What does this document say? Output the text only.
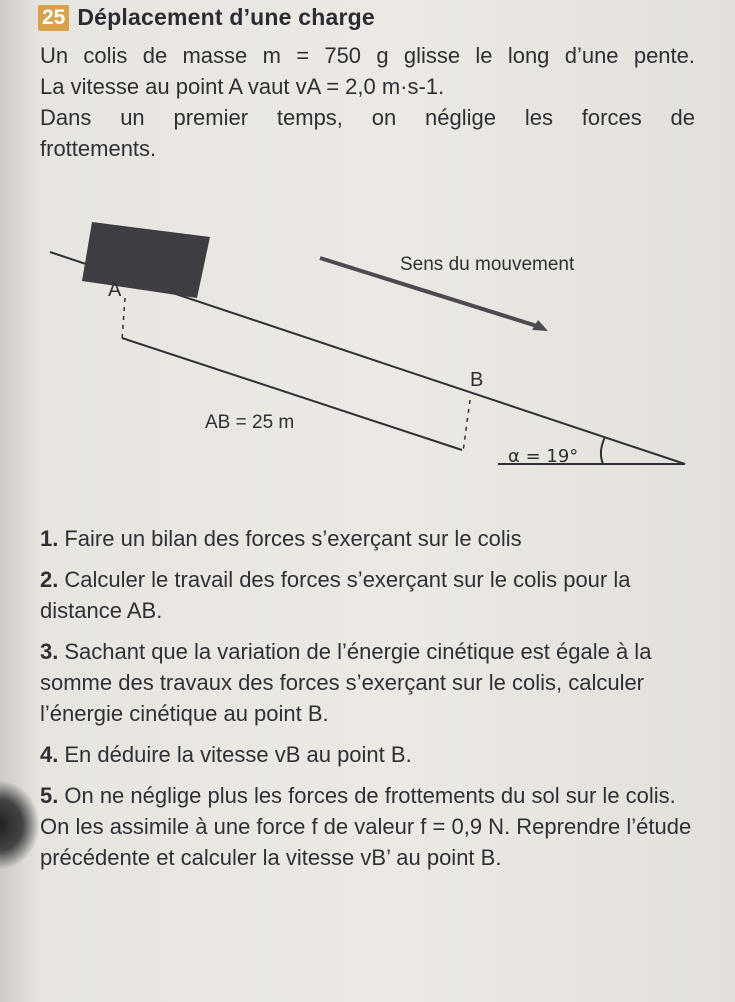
25 Déplacement d’une charge

Un colis de masse m = 750 g glisse le long d’une pente.

La vitesse au point A vaut vA = 2,0 m·s-1.

Dans un premier temps, on néglige les forces de

frottements.

A
B
Sens du mouvement
AB = 25 m
α = 19°

1. Faire un bilan des forces s’exerçant sur le colis

2. Calculer le travail des forces s’exerçant sur le colis pour la distance AB.

3. Sachant que la variation de l’énergie cinétique est égale à la somme des travaux des forces s’exerçant sur le colis, calculer l’énergie cinétique au point B.

4. En déduire la vitesse vB au point B.

5. On ne néglige plus les forces de frottements du sol sur le colis. On les assimile à une force f de valeur f = 0,9 N. Reprendre l’étude précédente et calculer la vitesse vB’ au point B.
